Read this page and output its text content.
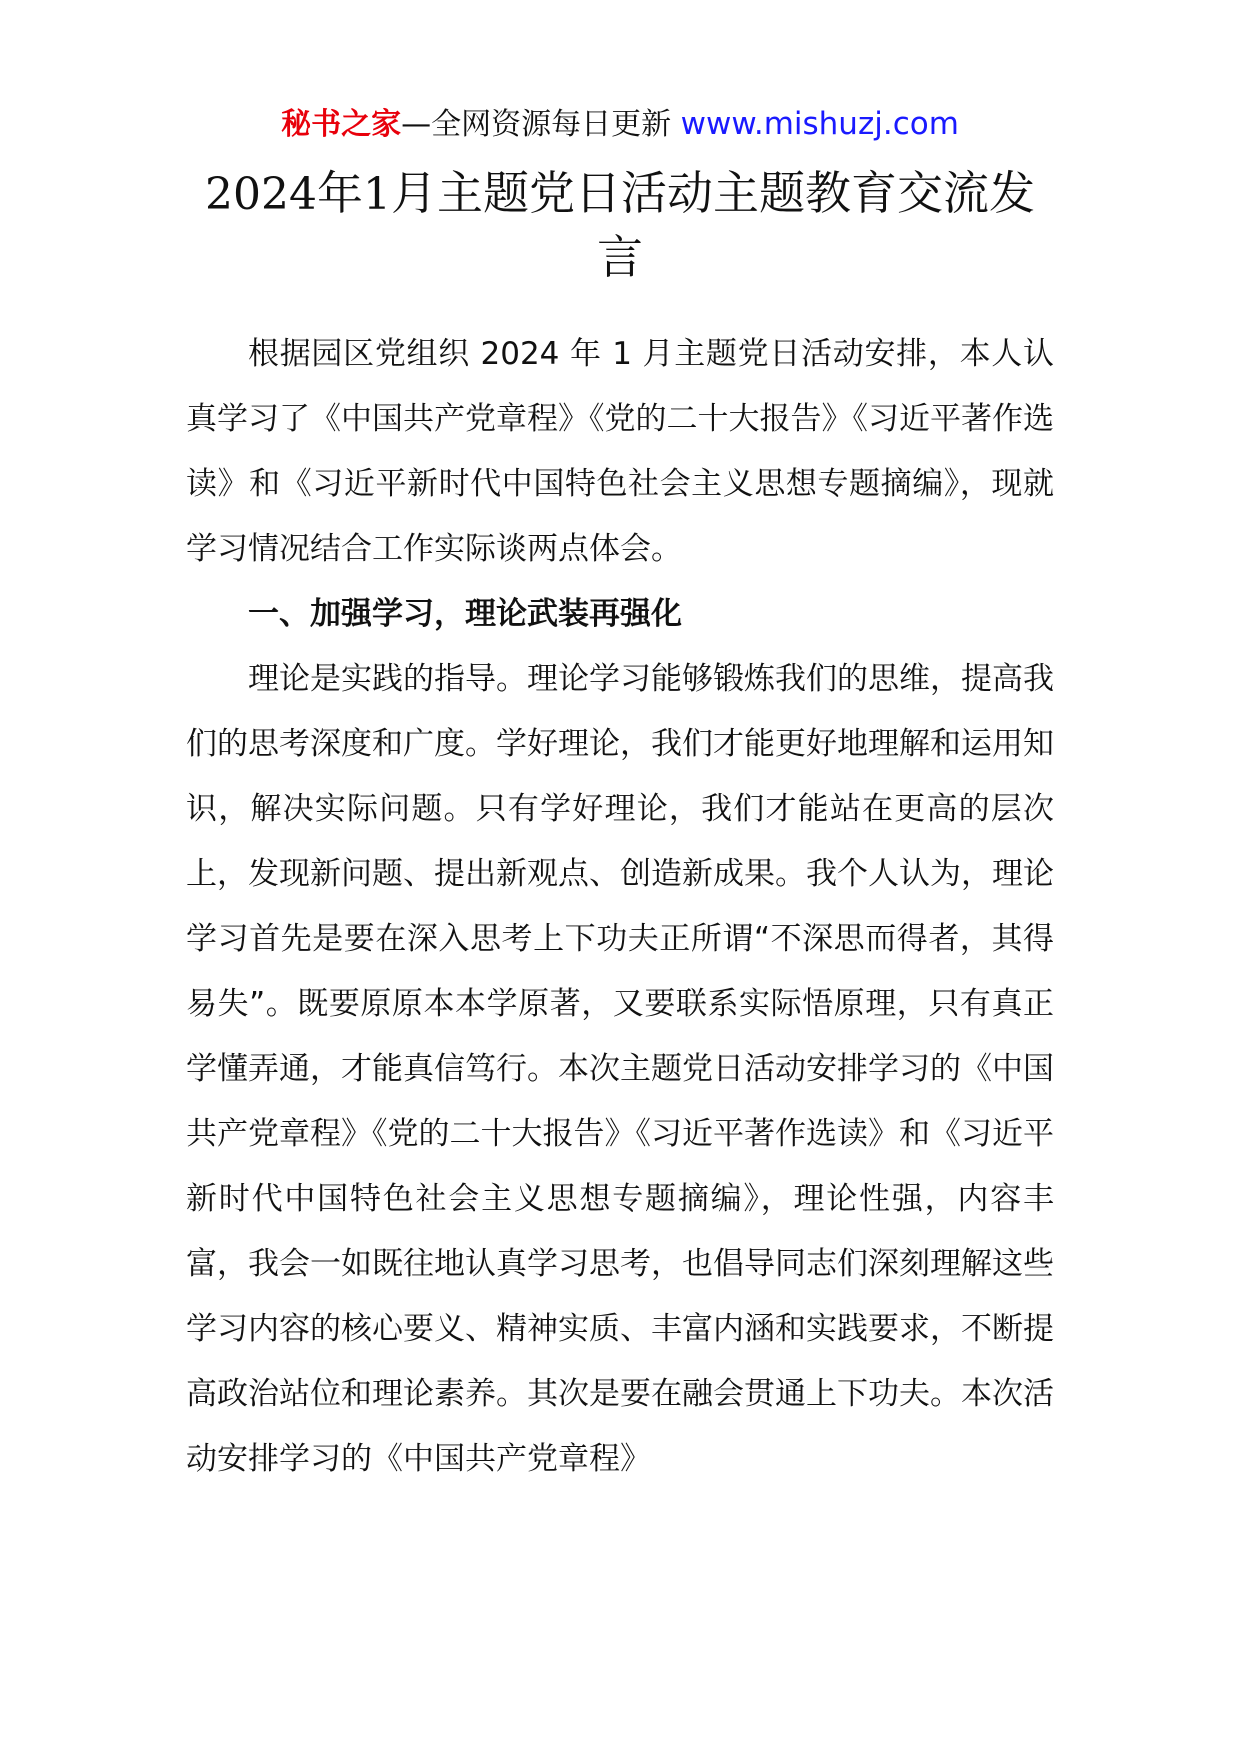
秘书之家—全网资源每日更新 www.mishuzj.com
2024年1月主题党日活动主题教育交流发言

根据园区党组织 2024 年 1 月主题党日活动安排，本人认真学习了《中国共产党章程》《党的二十大报告》《习近平著作选读》和《习近平新时代中国特色社会主义思想专题摘编》，现就学习情况结合工作实际谈两点体会。

一、加强学习，理论武装再强化

理论是实践的指导。理论学习能够锻炼我们的思维，提高我们的思考深度和广度。学好理论，我们才能更好地理解和运用知识，解决实际问题。只有学好理论，我们才能站在更高的层次上，发现新问题、提出新观点、创造新成果。我个人认为，理论学习首先是要在深入思考上下功夫正所谓“不深思而得者，其得易失”。既要原原本本学原著，又要联系实际悟原理，只有真正学懂弄通，才能真信笃行。本次主题党日活动安排学习的《中国共产党章程》《党的二十大报告》《习近平著作选读》和《习近平新时代中国特色社会主义思想专题摘编》，理论性强，内容丰富，我会一如既往地认真学习思考，也倡导同志们深刻理解这些学习内容的核心要义、精神实质、丰富内涵和实践要求，不断提高政治站位和理论素养。其次是要在融会贯通上下功夫。本次活动安排学习的《中国共产党章程》
